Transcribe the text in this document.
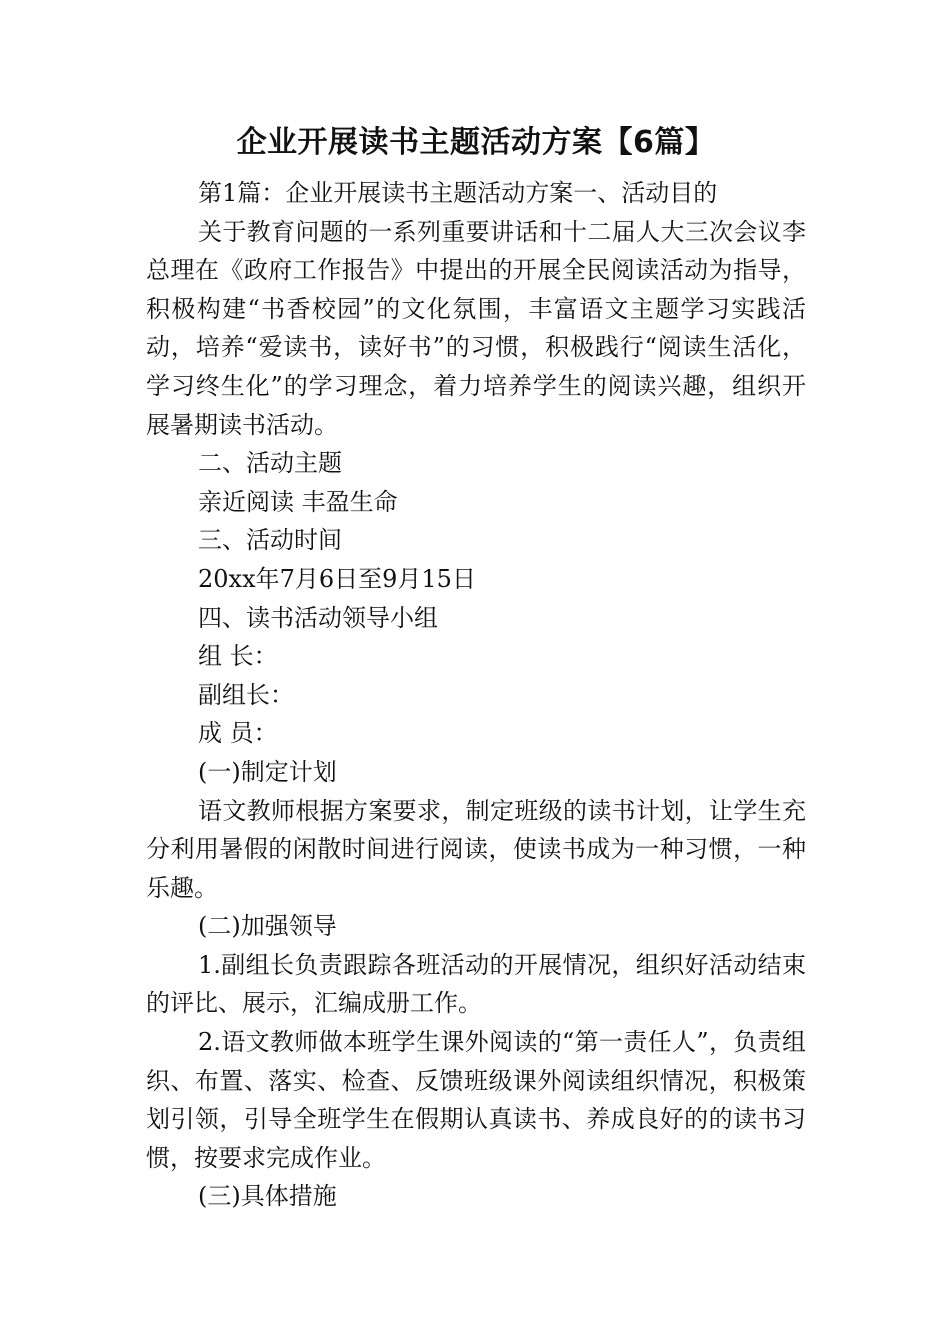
企业开展读书主题活动方案【6篇】

第1篇：企业开展读书主题活动方案一、活动目的

关于教育问题的一系列重要讲话和十二届人大三次会议李总理在《政府工作报告》中提出的开展全民阅读活动为指导，积极构建“书香校园”的文化氛围，丰富语文主题学习实践活动，培养“爱读书，读好书”的习惯，积极践行“阅读生活化，学习终生化”的学习理念，着力培养学生的阅读兴趣，组织开展暑期读书活动。

二、活动主题

亲近阅读 丰盈生命

三、活动时间

20xx年7月6日至9月15日

四、读书活动领导小组

组 长：

副组长：

成 员：

(一)制定计划

语文教师根据方案要求，制定班级的读书计划，让学生充分利用暑假的闲散时间进行阅读，使读书成为一种习惯，一种乐趣。

(二)加强领导

1.副组长负责跟踪各班活动的开展情况，组织好活动结束的评比、展示，汇编成册工作。

2.语文教师做本班学生课外阅读的“第一责任人”，负责组织、布置、落实、检查、反馈班级课外阅读组织情况，积极策划引领，引导全班学生在假期认真读书、养成良好的的读书习惯，按要求完成作业。

(三)具体措施
